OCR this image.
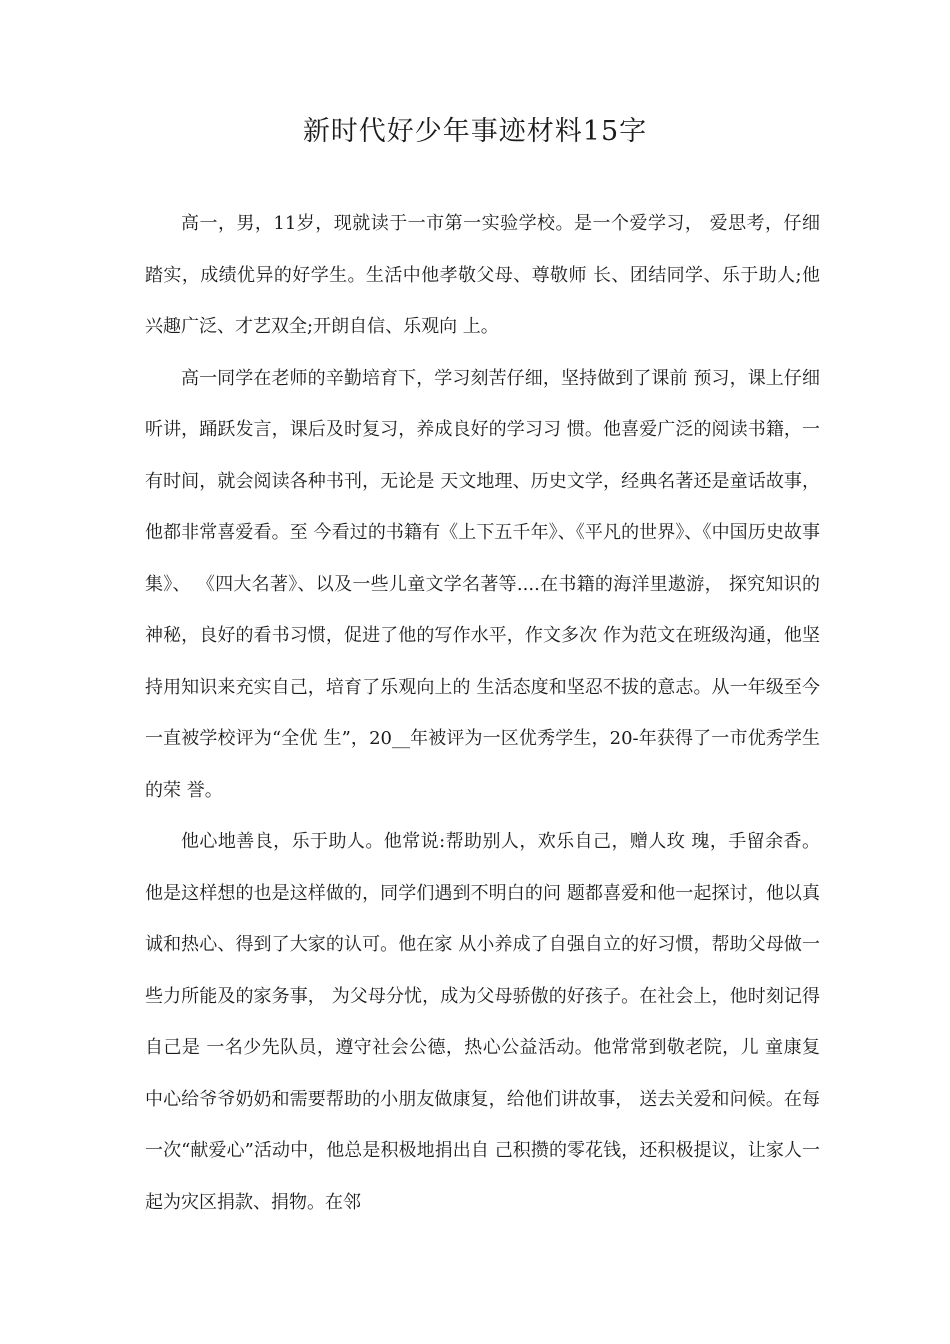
新时代好少年事迹材料15字

高一，男，11岁，现就读于一市第一实验学校。是一个爱学习， 爱思考，仔细踏实，成绩优异的好学生。生活中他孝敬父母、尊敬师 长、团结同学、乐于助人;他兴趣广泛、才艺双全;开朗自信、乐观向 上。

高一同学在老师的辛勤培育下，学习刻苦仔细，坚持做到了课前 预习，课上仔细听讲，踊跃发言，课后及时复习，养成良好的学习习 惯。他喜爱广泛的阅读书籍，一有时间，就会阅读各种书刊，无论是 天文地理、历史文学，经典名著还是童话故事，他都非常喜爱看。至 今看过的书籍有《上下五千年》、《平凡的世界》、《中国历史故事集》、 《四大名著》、以及一些儿童文学名著等....在书籍的海洋里遨游， 探究知识的神秘，良好的看书习惯，促进了他的写作水平，作文多次 作为范文在班级沟通，他坚持用知识来充实自己，培育了乐观向上的 生活态度和坚忍不拔的意志。从一年级至今一直被学校评为“全优 生”，20__年被评为一区优秀学生，20-年获得了一市优秀学生的荣 誉。

他心地善良，乐于助人。他常说:帮助别人，欢乐自己，赠人玫 瑰，手留余香。他是这样想的也是这样做的，同学们遇到不明白的问 题都喜爱和他一起探讨，他以真诚和热心、得到了大家的认可。他在家 从小养成了自强自立的好习惯，帮助父母做一些力所能及的家务事， 为父母分忧，成为父母骄傲的好孩子。在社会上，他时刻记得自己是 一名少先队员，遵守社会公德，热心公益活动。他常常到敬老院，儿 童康复中心给爷爷奶奶和需要帮助的小朋友做康复，给他们讲故事， 送去关爱和问候。在每一次“献爱心”活动中，他总是积极地捐出自 己积攒的零花钱，还积极提议，让家人一起为灾区捐款、捐物。在邻
